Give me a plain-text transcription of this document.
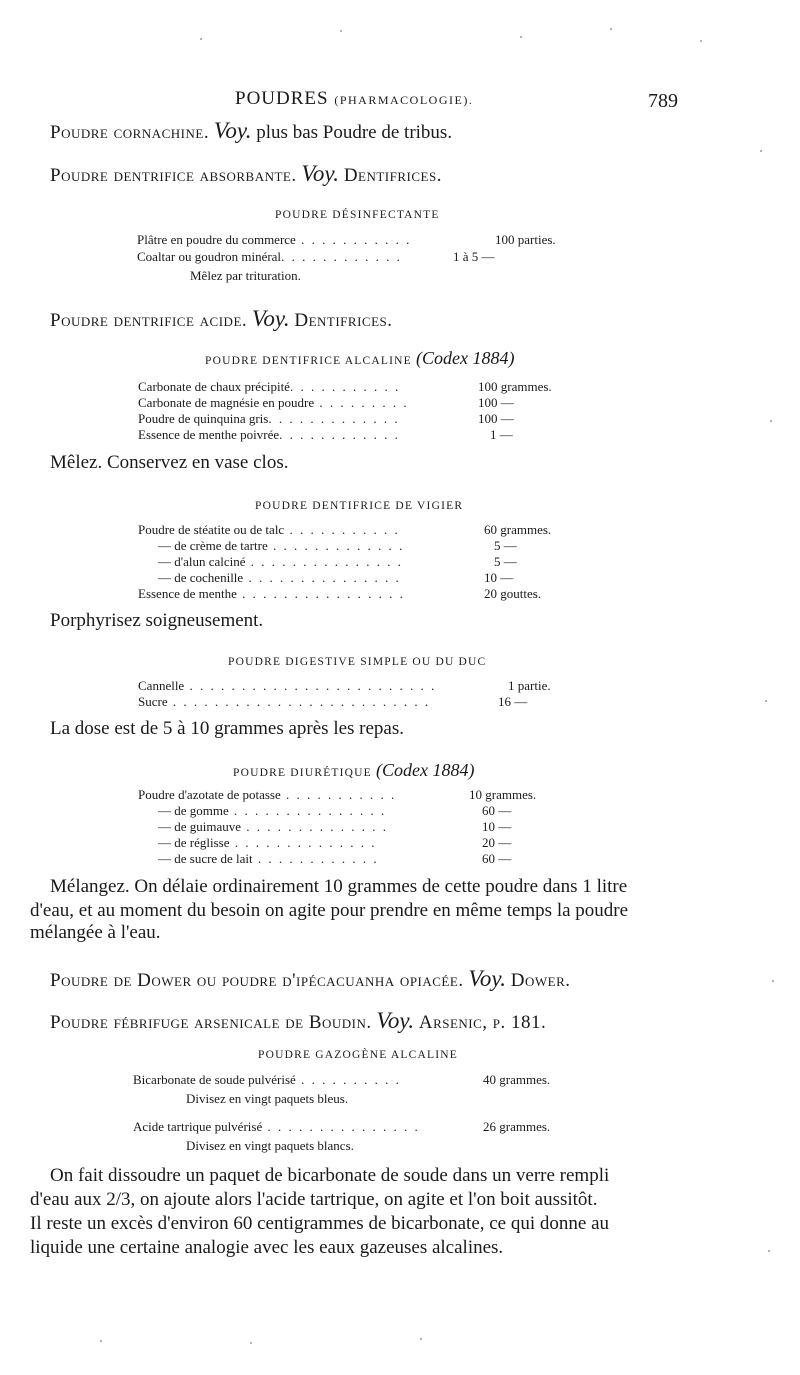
POUDRES (PHARMACOLOGIE).	789
Poudre cornachine. Voy. plus bas Poudre de tribus.
Poudre dentrifice absorbante. Voy. Dentifrices.
POUDRE DÉSINFECTANTE
Plâtre en poudre du commerce . . . . . . . . . . .	100 parties.
Coaltar ou goudron minéral. . . . . . . . . . . .	1 à 5 —
Mêlez par trituration.
Poudre dentrifice acide. Voy. Dentifrices.
POUDRE DENTIFRICE ALCALINE (Codex 1884)
Carbonate de chaux précipité. . . . . . . . . . .	100 grammes.
Carbonate de magnésie en poudre . . . . . . . . .	100 —
Poudre de quinquina gris. . . . . . . . . . . . .	100 —
Essence de menthe poivrée. . . . . . . . . . . .	1 —
Mêlez. Conservez en vase clos.
POUDRE DENTIFRICE DE VIGIER
Poudre de stéatite ou de talc . . . . . . . . . . .	60 grammes.
— de crème de tartre . . . . . . . . . . . . .	5 —
— d'alun calciné . . . . . . . . . . . . . . .	5 —
— de cochenille . . . . . . . . . . . . . . .	10 —
Essence de menthe . . . . . . . . . . . . . . . .	20 gouttes.
Porphyrisez soigneusement.
POUDRE DIGESTIVE SIMPLE OU DU DUC
Cannelle . . . . . . . . . . . . . . . . . . . . . . . .	1 partie.
Sucre . . . . . . . . . . . . . . . . . . . . . . . . .	16 —
La dose est de 5 à 10 grammes après les repas.
POUDRE DIURÉTIQUE (Codex 1884)
Poudre d'azotate de potasse . . . . . . . . . . .	10 grammes.
— de gomme . . . . . . . . . . . . . . .	60 —
— de guimauve . . . . . . . . . . . . . .	10 —
— de réglisse . . . . . . . . . . . . . .	20 —
— de sucre de lait . . . . . . . . . . . .	60 —
Mélangez. On délaie ordinairement 10 grammes de cette poudre dans 1 litre
d'eau, et au moment du besoin on agite pour prendre en même temps la poudre
mélangée à l'eau.
Poudre de Dower ou poudre d'ipécacuanha opiacée. Voy. Dower.
Poudre fébrifuge arsenicale de Boudin. Voy. Arsenic, p. 181.
POUDRE GAZOGÈNE ALCALINE
Bicarbonate de soude pulvérisé . . . . . . . . . .	40 grammes.
Divisez en vingt paquets bleus.
Acide tartrique pulvérisé . . . . . . . . . . . . . . .	26 grammes.
Divisez en vingt paquets blancs.
On fait dissoudre un paquet de bicarbonate de soude dans un verre rempli
d'eau aux 2/3, on ajoute alors l'acide tartrique, on agite et l'on boit aussitôt.
Il reste un excès d'environ 60 centigrammes de bicarbonate, ce qui donne au
liquide une certaine analogie avec les eaux gazeuses alcalines.
